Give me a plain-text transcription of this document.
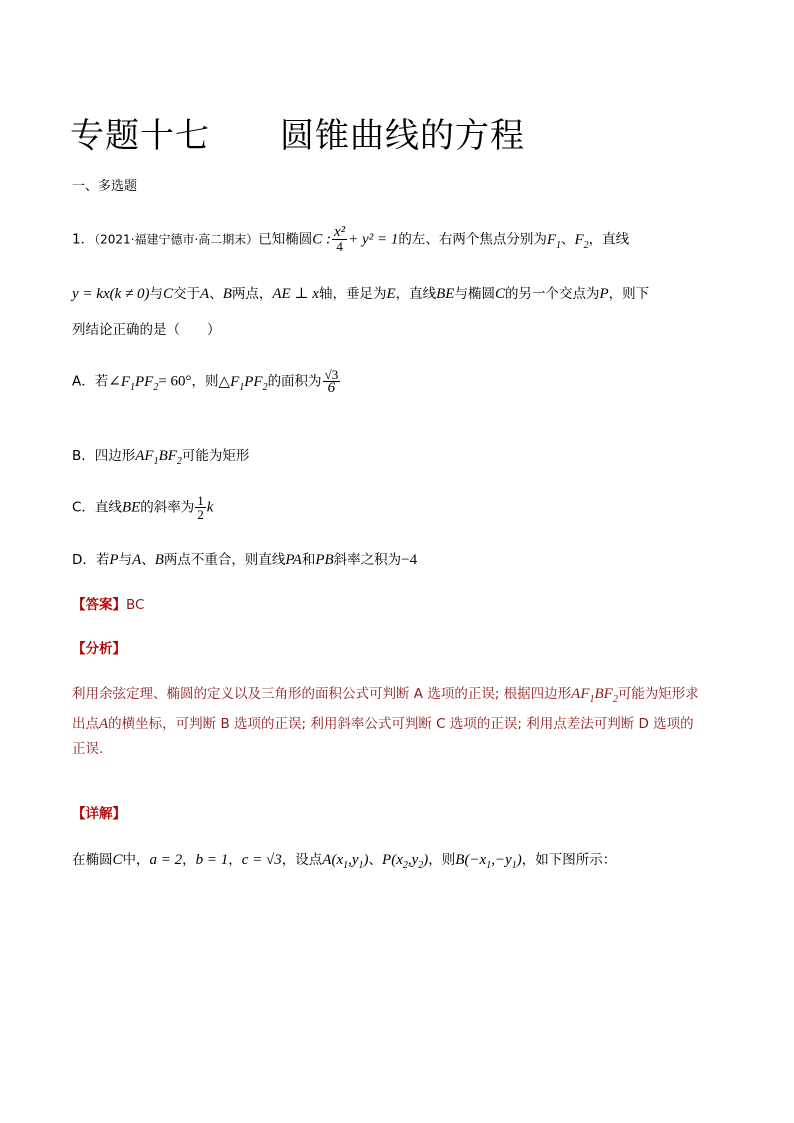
专题十七　　圆锥曲线的方程
一、多选题
1．（2021·福建宁德市·高二期末）已知椭圆C : $\frac{\text{x²}}{4} + y^2 = 1$的左、右两个焦点分别为$F_1$、$F_2$，直线
y = kx(k ≠ 0)与C交于A、B两点，AE ⊥ x轴，垂足为E，直线BE与椭圆C的另一个交点为P，则下
列结论正确的是（　　）
A．若$\angle F_1PF_2= 60^\circ$，则$\triangle F_1PF_2$的面积为 $\frac{√3}{6}$
B．四边形$AF_1BF_2$可能为矩形
C．直线BE的斜率为 $\frac{1}{2}$ k
D．若P与A、B两点不重合，则直线PA和PB斜率之积为−4
【答案】BC
【分析】
利用余弦定理、椭圆的定义以及三角形的面积公式可判断 A 选项的正误; 根据四边形$AF_1BF_2$可能为矩形求
出点A的横坐标，可判断 B 选项的正误; 利用斜率公式可判断 C 选项的正误; 利用点差法可判断 D 选项的
正误.
【详解】
在椭圆C中，a = 2，b = 1，c = √3，设点$A(x_1,y_1)$、$P(x_2,y_2)$，则$B(-x_1,-y_1)$，如下图所示：
